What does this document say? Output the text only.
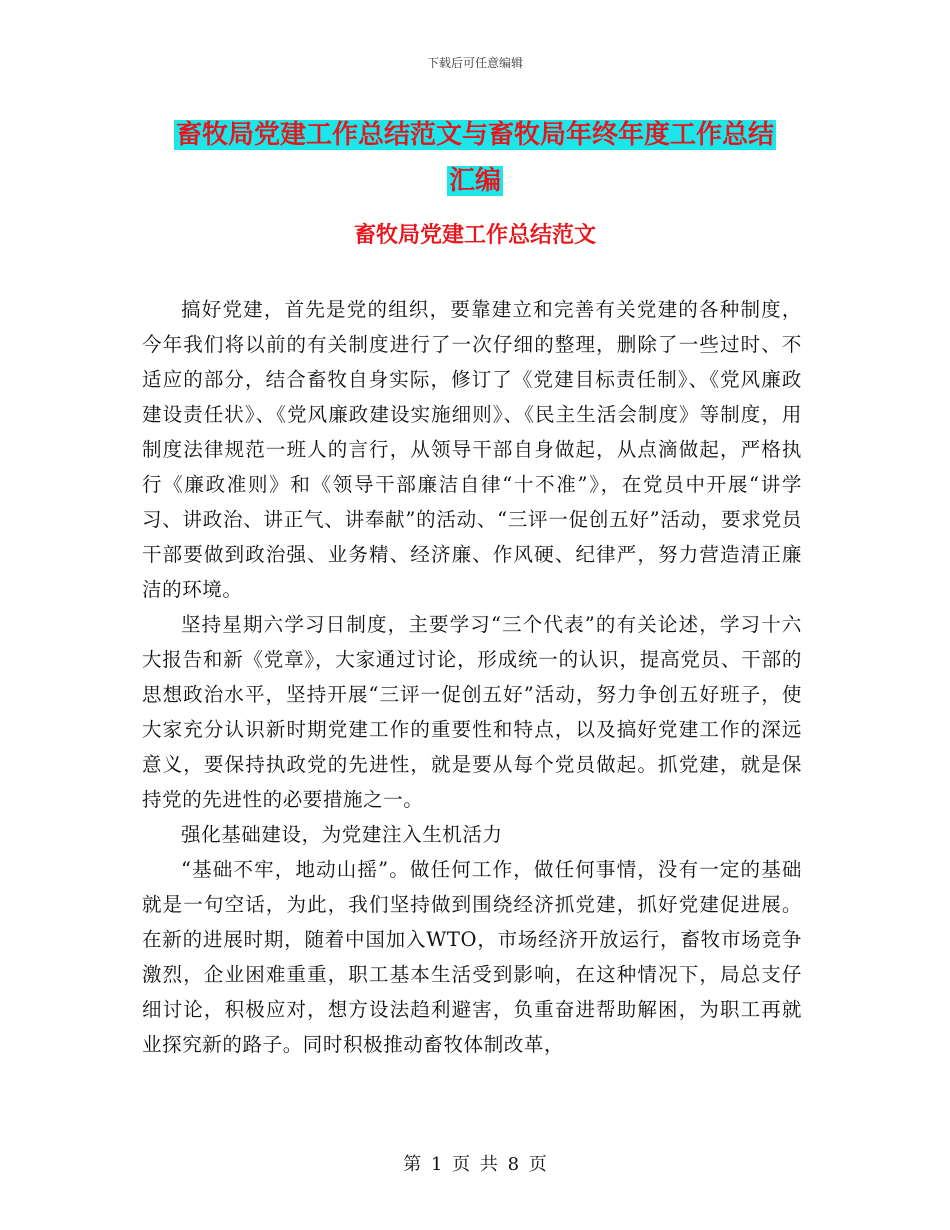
下载后可任意编辑
畜牧局党建工作总结范文与畜牧局年终年度工作总结
汇编
畜牧局党建工作总结范文

搞好党建，首先是党的组织，要靠建立和完善有关党建的各种制度，今年我们将以前的有关制度进行了一次仔细的整理，删除了一些过时、不适应的部分，结合畜牧自身实际，修订了《党建目标责任制》、《党风廉政建设责任状》、《党风廉政建设实施细则》、《民主生活会制度》等制度，用制度法律规范一班人的言行，从领导干部自身做起，从点滴做起，严格执行《廉政准则》和《领导干部廉洁自律“十不准”》，在党员中开展“讲学习、讲政治、讲正气、讲奉献”的活动、“三评一促创五好”活动，要求党员干部要做到政治强、业务精、经济廉、作风硬、纪律严，努力营造清正廉洁的环境。

坚持星期六学习日制度，主要学习“三个代表”的有关论述，学习十六大报告和新《党章》，大家通过讨论，形成统一的认识，提高党员、干部的思想政治水平，坚持开展“三评一促创五好”活动，努力争创五好班子，使大家充分认识新时期党建工作的重要性和特点，以及搞好党建工作的深远意义，要保持执政党的先进性，就是要从每个党员做起。抓党建，就是保持党的先进性的必要措施之一。

强化基础建设，为党建注入生机活力

“基础不牢，地动山摇”。做任何工作，做任何事情，没有一定的基础就是一句空话，为此，我们坚持做到围绕经济抓党建，抓好党建促进展。在新的进展时期，随着中国加入WTO，市场经济开放运行，畜牧市场竞争激烈，企业困难重重，职工基本生活受到影响，在这种情况下，局总支仔细讨论，积极应对，想方设法趋利避害，负重奋进帮助解困，为职工再就业探究新的路子。同时积极推动畜牧体制改革，

第 1 页 共 8 页
